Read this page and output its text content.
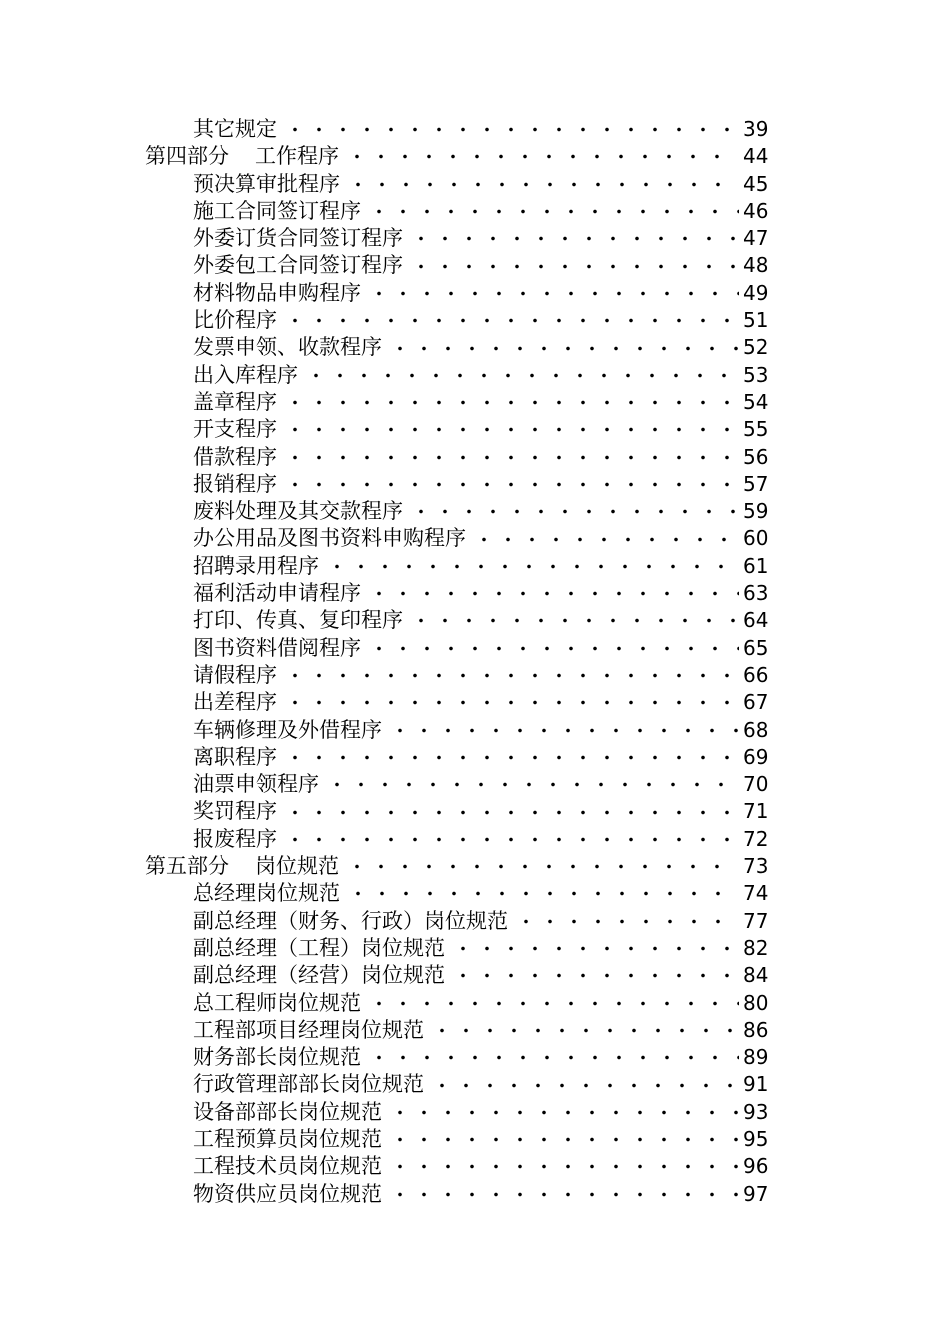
其它规定	39
第四部分 工作程序	44
预决算审批程序	45
施工合同签订程序	46
外委订货合同签订程序	47
外委包工合同签订程序	48
材料物品申购程序	49
比价程序	51
发票申领、收款程序	52
出入库程序	53
盖章程序	54
开支程序	55
借款程序	56
报销程序	57
废料处理及其交款程序	59
办公用品及图书资料申购程序	60
招聘录用程序	61
福利活动申请程序	63
打印、传真、复印程序	64
图书资料借阅程序	65
请假程序	66
出差程序	67
车辆修理及外借程序	68
离职程序	69
油票申领程序	70
奖罚程序	71
报废程序	72
第五部分 岗位规范	73
总经理岗位规范	74
副总经理（财务、行政）岗位规范	77
副总经理（工程）岗位规范	82
副总经理（经营）岗位规范	84
总工程师岗位规范	80
工程部项目经理岗位规范	86
财务部长岗位规范	89
行政管理部部长岗位规范	91
设备部部长岗位规范	93
工程预算员岗位规范	95
工程技术员岗位规范	96
物资供应员岗位规范	97
